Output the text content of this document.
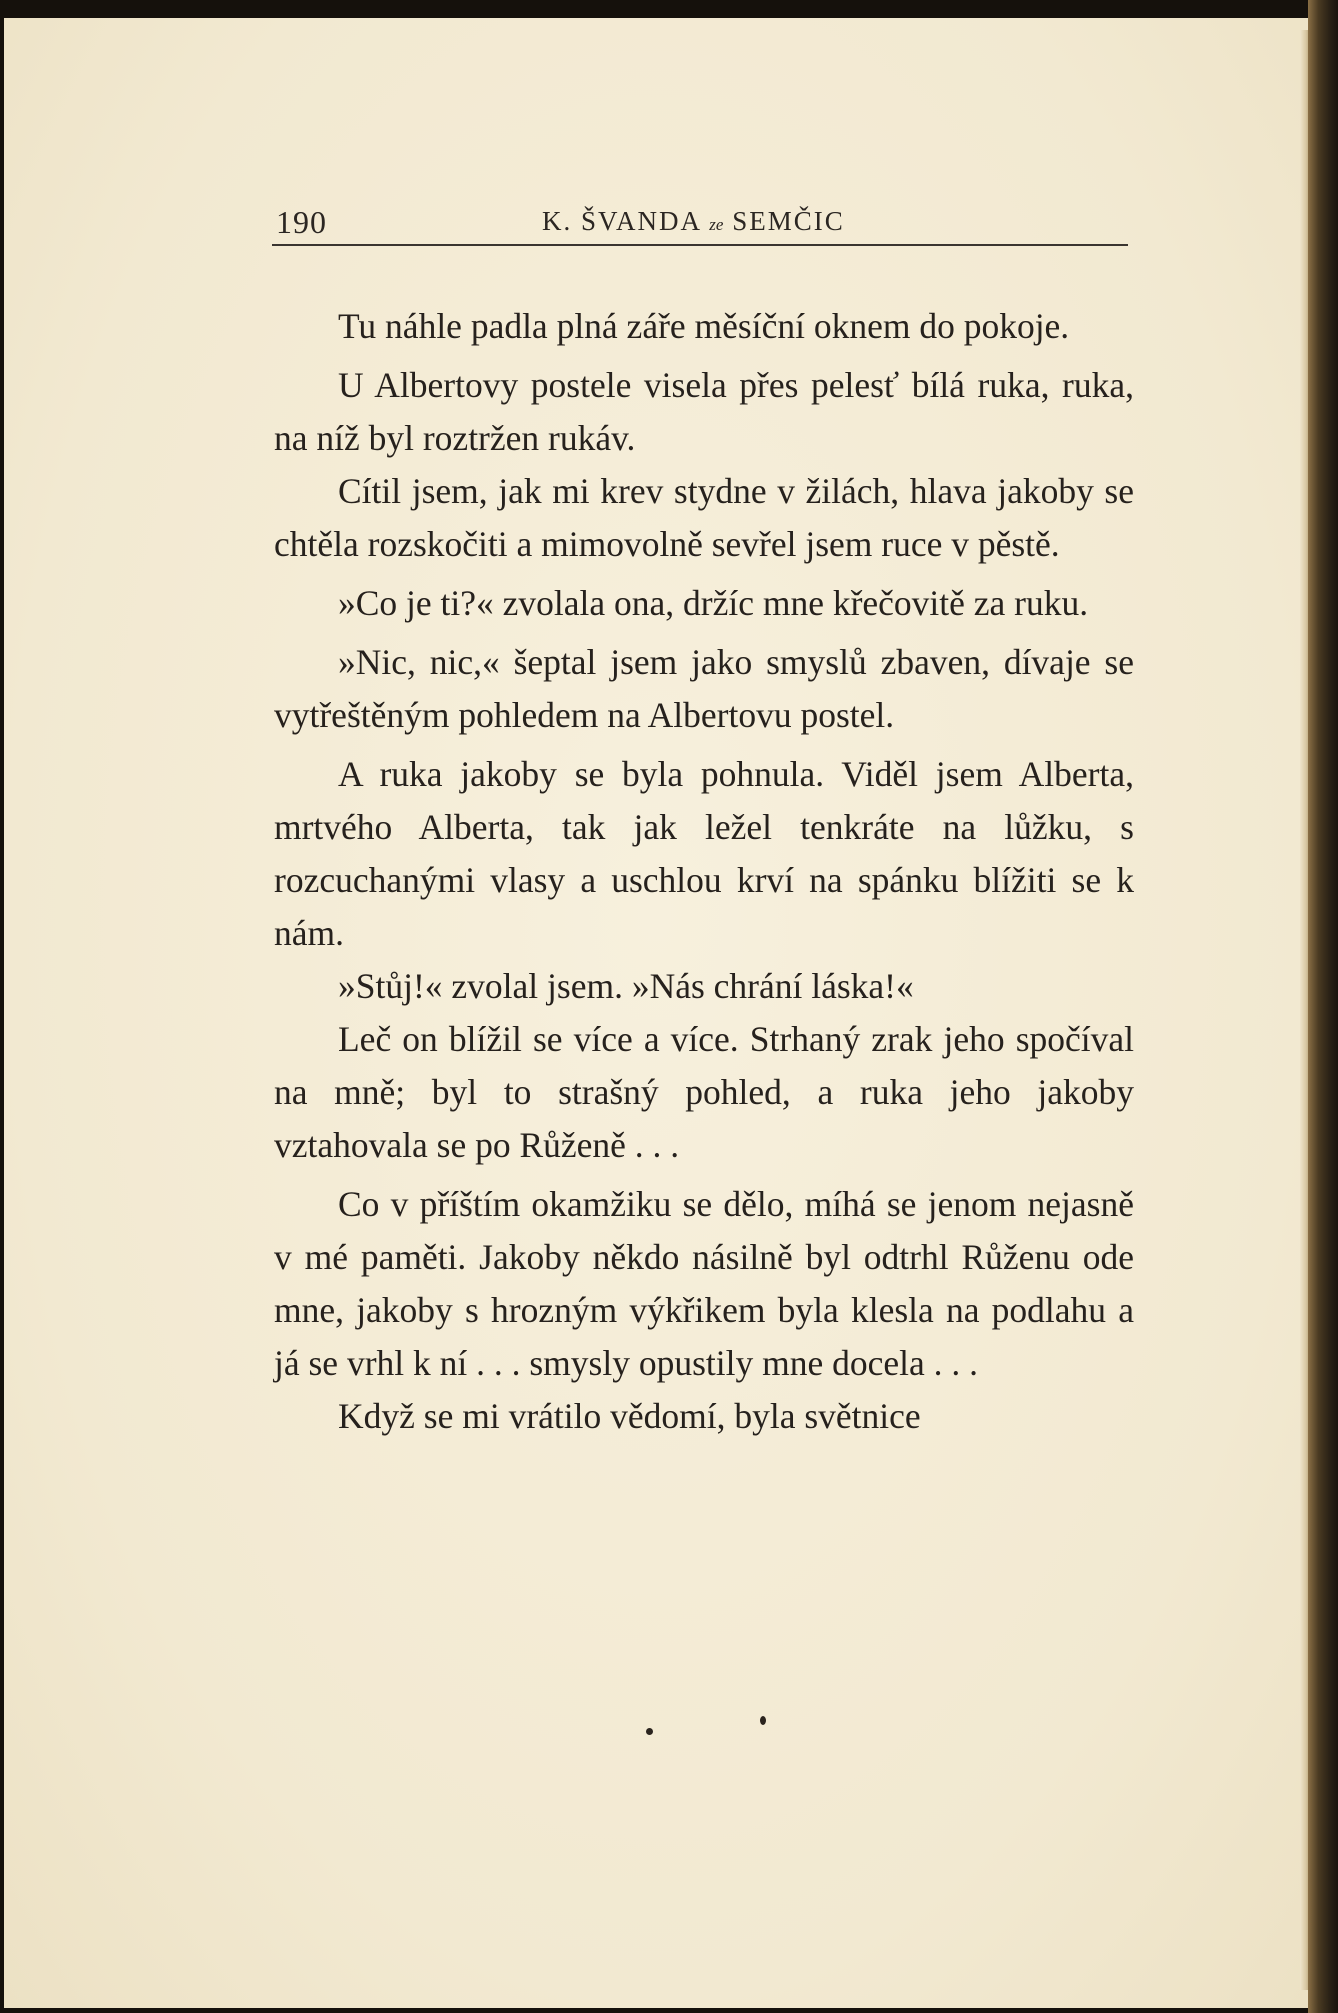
190	K. ŠVANDA ze SEMČIC

Tu náhle padla plná záře měsíční oknem do pokoje.

U Albertovy postele visela přes pelesť bílá ruka, ruka, na níž byl roztržen rukáv.

Cítil jsem, jak mi krev stydne v žilách, hlava jakoby se chtěla rozskočiti a mimovolně sevřel jsem ruce v pěstě.

»Co je ti?« zvolala ona, držíc mne křečovitě za ruku.

»Nic, nic,« šeptal jsem jako smyslů zbaven, dívaje se vytřeštěným pohledem na Albertovu postel.

A ruka jakoby se byla pohnula. Viděl jsem Alberta, mrtvého Alberta, tak jak ležel tenkráte na lůžku, s rozcuchanými vlasy a uschlou krví na spánku blížiti se k nám.

»Stůj!« zvolal jsem. »Nás chrání láska!«

Leč on blížil se více a více. Strhaný zrak jeho spočíval na mně; byl to strašný pohled, a ruka jeho jakoby vztahovala se po Růženě . . .

Co v příštím okamžiku se dělo, míhá se jenom nejasně v mé paměti. Jakoby někdo násilně byl odtrhl Růženu ode mne, jakoby s hrozným výkřikem byla klesla na podlahu a já se vrhl k ní . . . smysly opustily mne docela . . .

Když se mi vrátilo vědomí, byla světnice
